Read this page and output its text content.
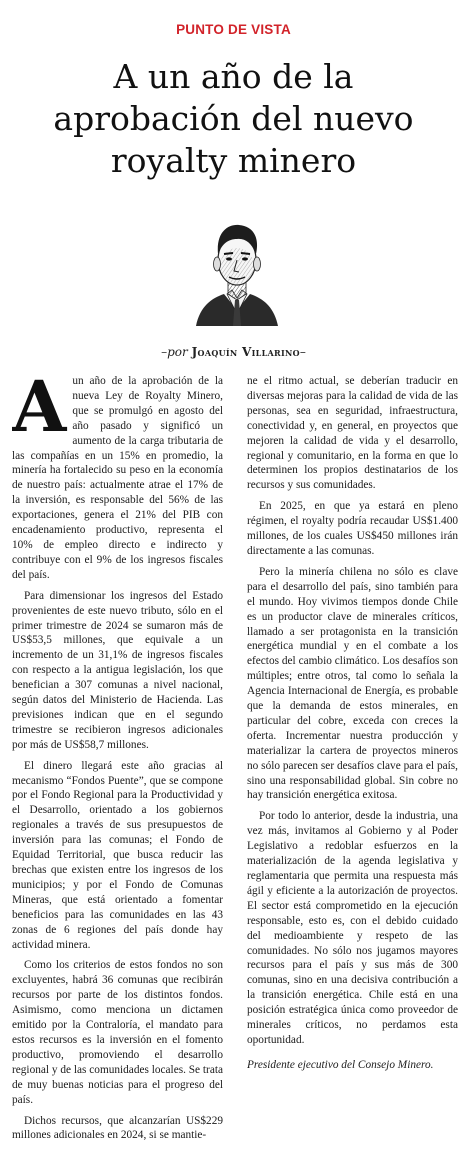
PUNTO DE VISTA
A un año de la
aprobación del nuevo
royalty minero
–por Joaquín Villarino–

Aun año de la aprobación de la nueva Ley de Royalty Minero, que se promulgó en agosto del año pasado y significó un aumento de la carga tributaria de las compañías en un 15% en promedio, la minería ha fortalecido su peso en la economía de nuestro país: actualmente atrae el 17% de la inversión, es responsable del 56% de las exportaciones, genera el 21% del PIB con encadenamiento productivo, representa el 10% de empleo directo e indirecto y contribuye con el 9% de los ingresos fiscales del país.

Para dimensionar los ingresos del Estado provenientes de este nuevo tributo, sólo en el primer trimestre de 2024 se sumaron más de US$53,5 millones, que equivale a un incremento de un 31,1% de ingresos fiscales con respecto a la antigua legislación, los que benefician a 307 comunas a nivel nacional, según datos del Ministerio de Hacienda. Las previsiones indican que en el segundo trimestre se recibieron ingresos adicionales por más de US$58,7 millones.

El dinero llegará este año gracias al mecanismo “Fondos Puente”, que se compone por el Fondo Regional para la Productividad y el Desarrollo, orientado a los gobiernos regionales a través de sus presupuestos de inversión para las comunas; el Fondo de Equidad Territorial, que busca reducir las brechas que existen entre los ingresos de los municipios; y por el Fondo de Comunas Mineras, que está orientado a fomentar beneficios para las comunidades en las 43 zonas de 6 regiones del país donde hay actividad minera.

Como los criterios de estos fondos no son excluyentes, habrá 36 comunas que recibirán recursos por parte de los distintos fondos. Asimismo, como menciona un dictamen emitido por la Contraloría, el mandato para estos recursos es la inversión en el fomento productivo, promoviendo el desarrollo regional y de las comunidades locales. Se trata de muy buenas noticias para el progreso del país.

Dichos recursos, que alcanzarían US$229 millones adicionales en 2024, si se mantie-

ne el ritmo actual, se deberían traducir en diversas mejoras para la calidad de vida de las personas, sea en seguridad, infraestructura, conectividad y, en general, en proyectos que mejoren la calidad de vida y el desarrollo, regional y comunitario, en la forma en que lo determinen los propios destinatarios de los recursos y sus comunidades.

En 2025, en que ya estará en pleno régimen, el royalty podría recaudar US$1.400 millones, de los cuales US$450 millones irán directamente a las comunas.

Pero la minería chilena no sólo es clave para el desarrollo del país, sino también para el mundo. Hoy vivimos tiempos donde Chile es un productor clave de minerales críticos, llamado a ser protagonista en la transición energética mundial y en el combate a los efectos del cambio climático. Los desafíos son múltiples; entre otros, tal como lo señala la Agencia Internacional de Energía, es probable que la demanda de estos minerales, en particular del cobre, exceda con creces la oferta. Incrementar nuestra producción y materializar la cartera de proyectos mineros no sólo parecen ser desafíos clave para el país, sino una responsabilidad global. Sin cobre no hay transición energética exitosa.

Por todo lo anterior, desde la industria, una vez más, invitamos al Gobierno y al Poder Legislativo a redoblar esfuerzos en la materialización de la agenda legislativa y reglamentaria que permita una respuesta más ágil y eficiente a la autorización de proyectos. El sector está comprometido en la ejecución responsable, esto es, con el debido cuidado del medioambiente y respeto de las comunidades. No sólo nos jugamos mayores recursos para el país y sus más de 300 comunas, sino en una decisiva contribución a la transición energética. Chile está en una posición estratégica única como proveedor de minerales críticos, no perdamos esta oportunidad.

Presidente ejecutivo del Consejo Minero.
